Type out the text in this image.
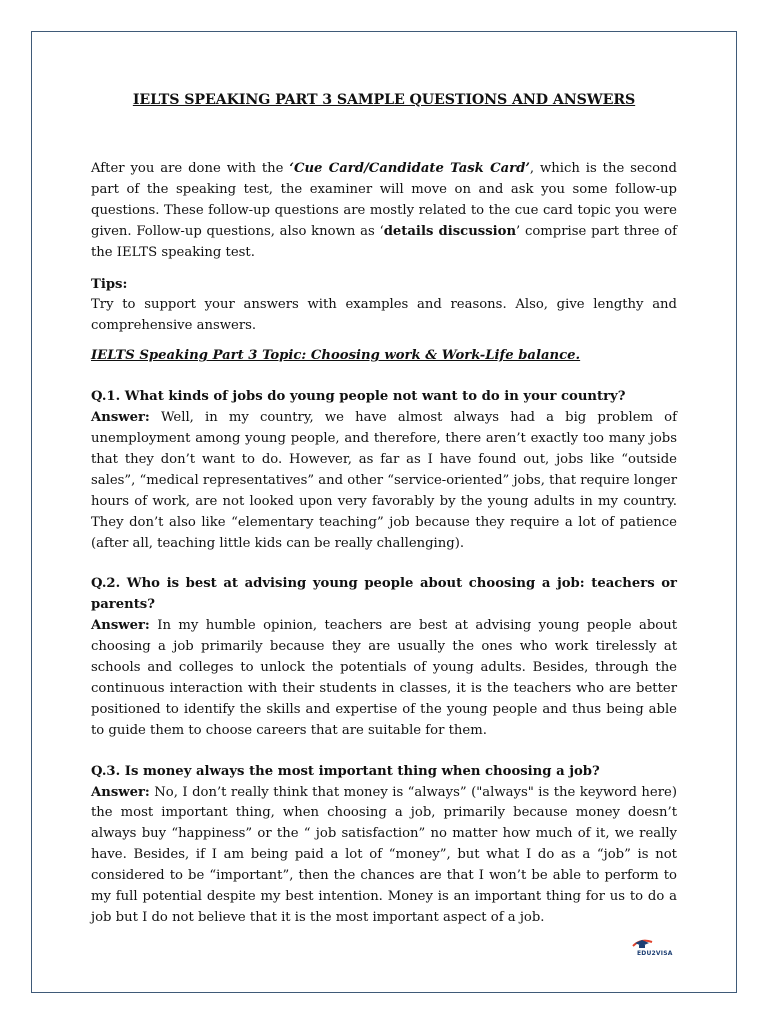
IELTS SPEAKING PART 3 SAMPLE QUESTIONS AND ANSWERS

After you are done with the ‘Cue Card/Candidate Task Card’, which is the second part of the speaking test, the examiner will move on and ask you some follow-up questions. These follow-up questions are mostly related to the cue card topic you were given. Follow-up questions, also known as ‘details discussion’ comprise part three of the IELTS speaking test.

Tips:

Try to support your answers with examples and reasons. Also, give lengthy and comprehensive answers.

IELTS Speaking Part 3 Topic: Choosing work & Work-Life balance.

Q.1. What kinds of jobs do young people not want to do in your country?

Answer: Well, in my country, we have almost always had a big problem of unemployment among young people, and therefore, there aren’t exactly too many jobs that they don’t want to do. However, as far as I have found out, jobs like “outside sales”, “medical representatives” and other “service-oriented” jobs, that require longer hours of work, are not looked upon very favorably by the young adults in my country. They don’t also like “elementary teaching” job because they require a lot of patience (after all, teaching little kids can be really challenging).

Q.2. Who is best at advising young people about choosing a job: teachers or parents?

Answer: In my humble opinion, teachers are best at advising young people about choosing a job primarily because they are usually the ones who work tirelessly at schools and colleges to unlock the potentials of young adults. Besides, through the continuous interaction with their students in classes, it is the teachers who are better positioned to identify the skills and expertise of the young people and thus being able to guide them to choose careers that are suitable for them.

Q.3. Is money always the most important thing when choosing a job?

Answer: No, I don’t really think that money is “always” ("always" is the keyword here) the most important thing, when choosing a job, primarily because money doesn’t always buy “happiness” or the “ job satisfaction” no matter how much of it, we really have. Besides, if I am being paid a lot of “money”, but what I do as a “job” is not considered to be “important”, then the chances are that I won’t be able to perform to my full potential despite my best intention. Money is an important thing for us to do a job but I do not believe that it is the most important aspect of a job.

EDU2VISA
